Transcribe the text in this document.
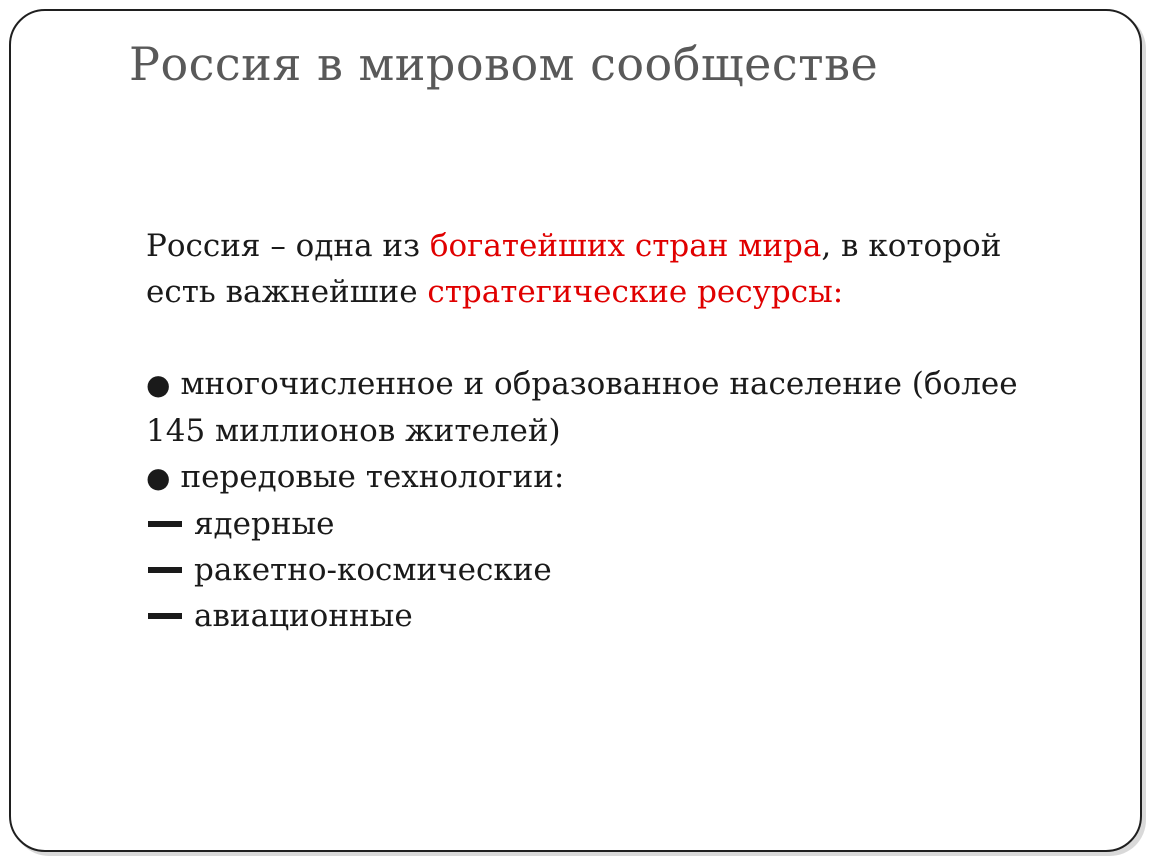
Россия в мировом сообществе

Россия – одна из богатейших стран мира, в которой есть важнейшие стратегические ресурсы:

● многочисленное и образованное население (более 145 миллионов жителей)

● передовые технологии:

ядерные
ракетно-космические
авиационные
